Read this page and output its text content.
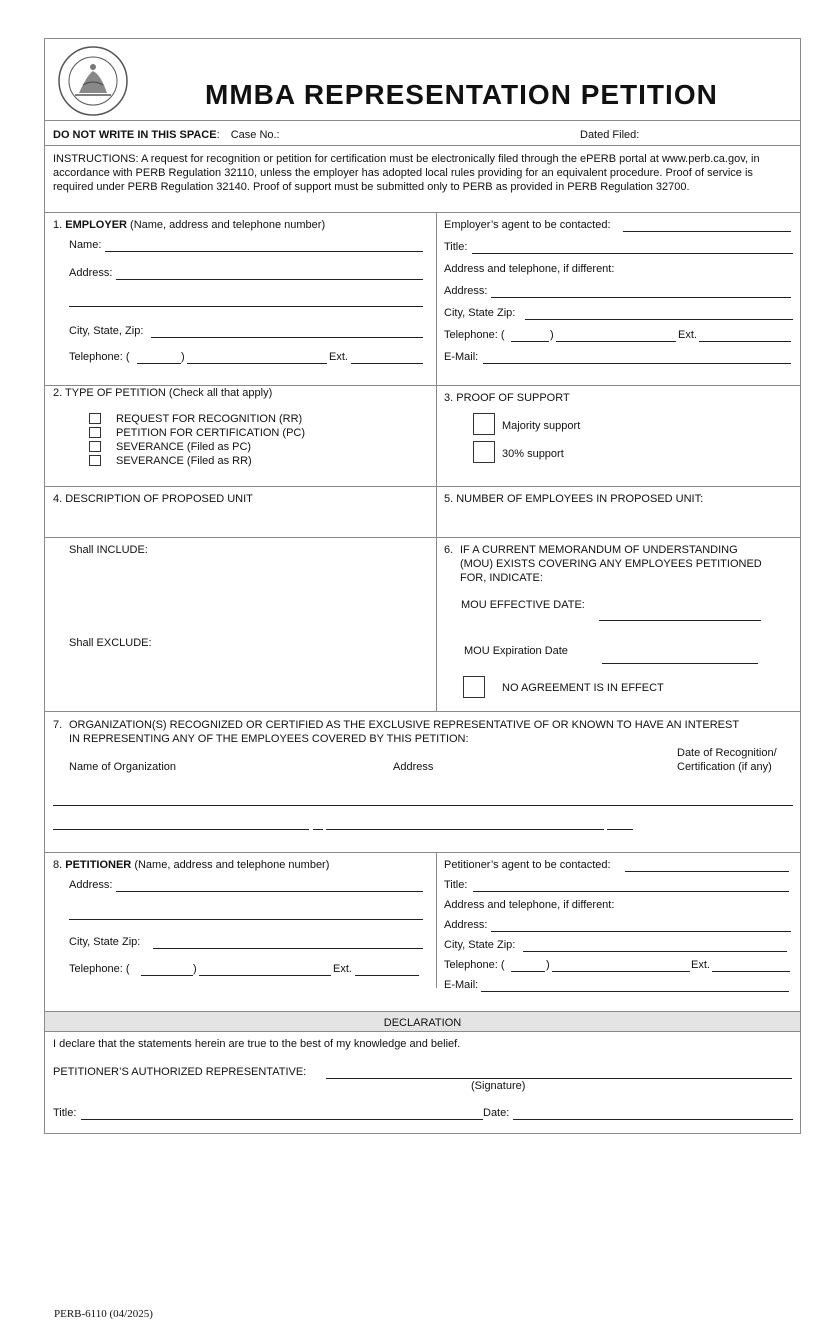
MMBA REPRESENTATION PETITION
DO NOT WRITE IN THIS SPACE: Case No.:	Dated Filed:
INSTRUCTIONS: A request for recognition or petition for certification must be electronically filed through the ePERB portal at www.perb.ca.gov, in accordance with PERB Regulation 32110, unless the employer has adopted local rules providing for an equivalent procedure. Proof of service is required under PERB Regulation 32140. Proof of support must be submitted only to PERB as provided in PERB Regulation 32700.
1. EMPLOYER (Name, address and telephone number)
Name:
Address:
City, State, Zip:
Telephone: (	)	Ext.
Employer’s agent to be contacted:
Title:
Address and telephone, if different:
Address:
City, State Zip:
Telephone: (	)	Ext.
E-Mail:
2. TYPE OF PETITION (Check all that apply)
REQUEST FOR RECOGNITION (RR)
PETITION FOR CERTIFICATION (PC)
SEVERANCE (Filed as PC)
SEVERANCE (Filed as RR)
3. PROOF OF SUPPORT
Majority support
30% support
4. DESCRIPTION OF PROPOSED UNIT	5. NUMBER OF EMPLOYEES IN PROPOSED UNIT:
Shall INCLUDE:
Shall EXCLUDE:
6. IF A CURRENT MEMORANDUM OF UNDERSTANDING
(MOU) EXISTS COVERING ANY EMPLOYEES PETITIONED
FOR, INDICATE:
MOU EFFECTIVE DATE:
MOU Expiration Date
NO AGREEMENT IS IN EFFECT
7. ORGANIZATION(S) RECOGNIZED OR CERTIFIED AS THE EXCLUSIVE REPRESENTATIVE OF OR KNOWN TO HAVE AN INTEREST
IN REPRESENTING ANY OF THE EMPLOYEES COVERED BY THIS PETITION:
Date of Recognition/
Name of Organization	Address	Certification (if any)
8. PETITIONER (Name, address and telephone number)
Address:
City, State Zip:
Telephone: (	)	Ext.
Petitioner’s agent to be contacted:
Title:
Address and telephone, if different:
Address:
City, State Zip:
Telephone: (	)	Ext.
E-Mail:
DECLARATION
I declare that the statements herein are true to the best of my knowledge and belief.
PETITIONER’S AUTHORIZED REPRESENTATIVE:
(Signature)
Title:	Date:
PERB-6110 (04/2025)
